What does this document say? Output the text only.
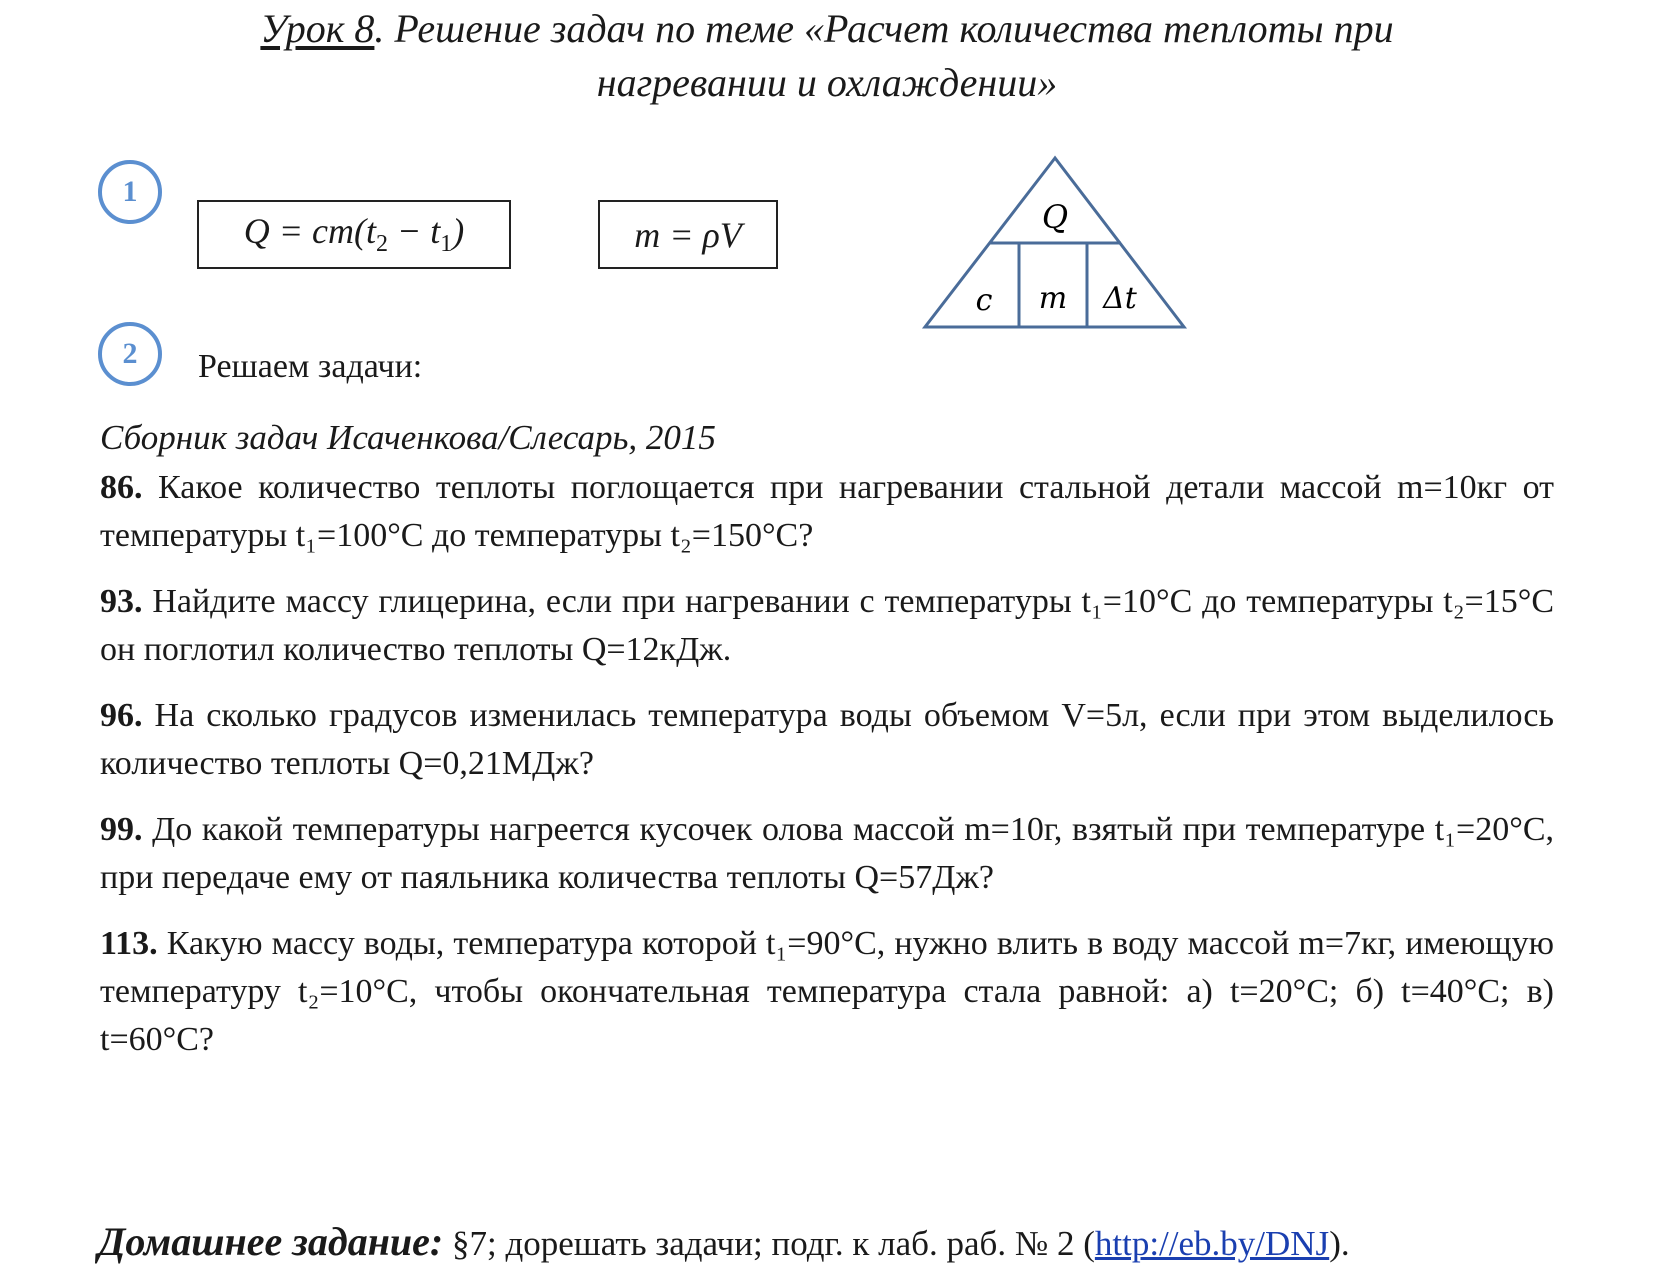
Урок 8. Решение задач по теме «Расчет количества теплоты при
нагревании и охлаждении»
1
$Q = cm(t_2 - t_1)$	m = ρV	Q
c m Δt
2	Решаем задачи:
Сборник задач Исаченкова/Слесарь, 2015
86. Какое количество теплоты поглощается при нагревании стальной детали массой m=10кг от температуры t₁=100°С до температуры t₂=150°С?
93. Найдите массу глицерина, если при нагревании с температуры t₁=10°С до температуры t₂=15°С он поглотил количество теплоты Q=12кДж.
96. На сколько градусов изменилась температура воды объемом V=5л, если при этом выделилось количество теплоты Q=0,21МДж?
99. До какой температуры нагреется кусочек олова массой m=10г, взятый при температуре t₁=20°С, при передаче ему от паяльника количества теплоты Q=57Дж?
113. Какую массу воды, температура которой t₁=90°С, нужно влить в воду массой m=7кг, имеющую температуру t₂=10°С, чтобы окончательная температура стала равной: а) t=20°С; б) t=40°С; в) t=60°С?
Домашнее задание: §7; дорешать задачи; подг. к лаб. раб. № 2 (http://eb.by/DNJ).
